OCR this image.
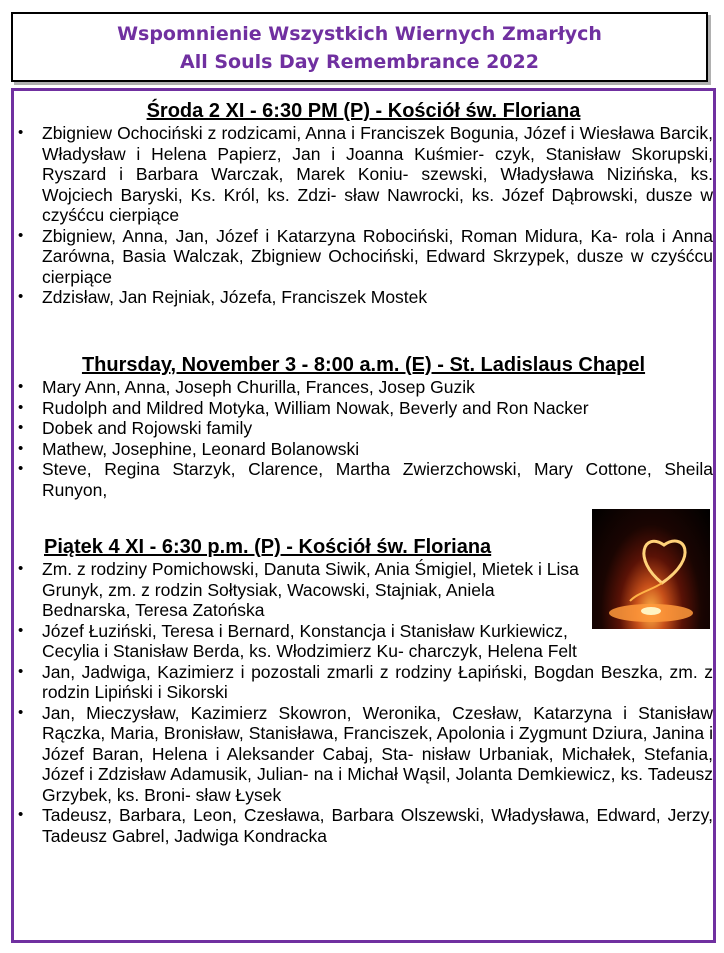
Wspomnienie Wszystkich Wiernych Zmarłych
All Souls Day Remembrance 2022
Środa 2 XI - 6:30 PM (P) - Kościół św. Floriana
• Zbigniew Ochociński z rodzicami, Anna i Franciszek Bogunia, Józef i Wiesława Barcik, Władysław i Helena Papierz, Jan i Joanna Kuśmier- czyk, Stanisław Skorupski, Ryszard i Barbara Warczak, Marek Koniu- szewski, Władysława Nizińska, ks. Wojciech Baryski, Ks. Król, ks. Zdzi- sław Nawrocki, ks. Józef Dąbrowski, dusze w czyśćcu cierpiące
• Zbigniew, Anna, Jan, Józef i Katarzyna Robociński, Roman Midura, Ka- rola i Anna Zarówna, Basia Walczak, Zbigniew Ochociński, Edward Skrzypek, dusze w czyśćcu cierpiące
• Zdzisław, Jan Rejniak, Józefa, Franciszek Mostek
Thursday, November 3 - 8:00 a.m. (E) - St. Ladislaus Chapel
• Mary Ann, Anna, Joseph Churilla, Frances, Josep Guzik
• Rudolph and Mildred Motyka, William Nowak, Beverly and Ron Nacker
• Dobek and Rojowski family
• Mathew, Josephine, Leonard Bolanowski
• Steve, Regina Starzyk, Clarence, Martha Zwierzchowski, Mary Cottone, Sheila Runyon,
Piątek 4 XI - 6:30 p.m. (P) - Kościół św. Floriana
• Zm. z rodziny Pomichowski, Danuta Siwik, Ania Śmigiel, Mietek i Lisa Grunyk, zm. z rodzin Sołtysiak, Wacowski, Stajniak, Aniela Bednarska, Teresa Zatońska
• Józef Łuziński, Teresa i Bernard, Konstancja i Stanisław Kurkiewicz, Cecylia i Stanisław Berda, ks. Włodzimierz Ku- charczyk, Helena Felt
• Jan, Jadwiga, Kazimierz i pozostali zmarli z rodziny Łapiński, Bogdan Beszka, zm. z rodzin Lipiński i Sikorski
• Jan, Mieczysław, Kazimierz Skowron, Weronika, Czesław, Katarzyna i Stanisław Rączka, Maria, Bronisław, Stanisława, Franciszek, Apolonia i Zygmunt Dziura, Janina i Józef Baran, Helena i Aleksander Cabaj, Sta- nisław Urbaniak, Michałek, Stefania, Józef i Zdzisław Adamusik, Julian- na i Michał Wąsil, Jolanta Demkiewicz, ks. Tadeusz Grzybek, ks. Broni- sław Łysek
• Tadeusz, Barbara, Leon, Czesława, Barbara Olszewski, Władysława, Edward, Jerzy, Tadeusz Gabrel, Jadwiga Kondracka
